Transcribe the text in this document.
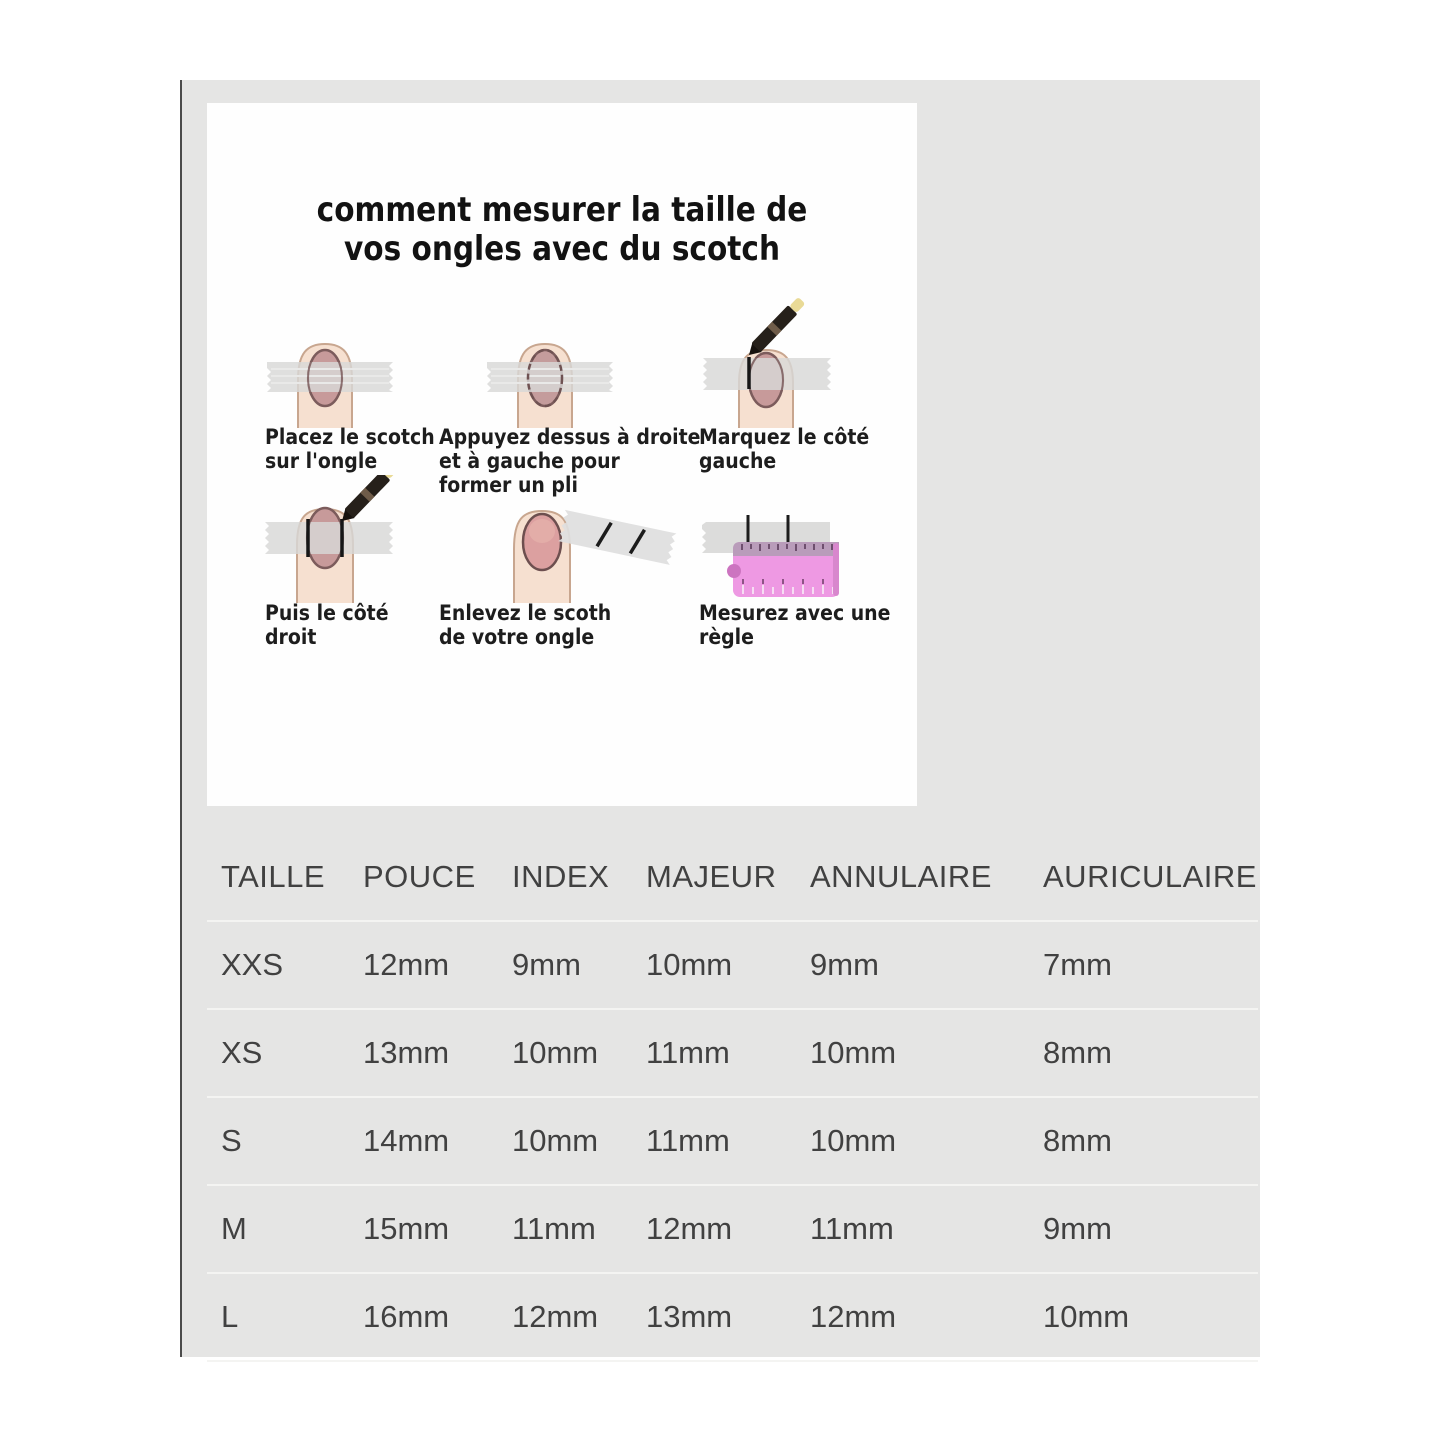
comment mesurer la taille de
vos ongles avec du scotch
Placez le scotch
sur l'ongle
Appuyez dessus à droite
et à gauche pour
former un pli
Marquez le côté
gauche
Puis le côté
droit
Enlevez le scoth
de votre ongle
Mesurez avec une
règle
TAILLE	POUCE	INDEX	MAJEUR	ANNULAIRE	AURICULAIRE
XXS	12mm	9mm	10mm	9mm	7mm
XS	13mm	10mm	11mm	10mm	8mm
S	14mm	10mm	11mm	10mm	8mm
M	15mm	11mm	12mm	11mm	9mm
L	16mm	12mm	13mm	12mm	10mm
